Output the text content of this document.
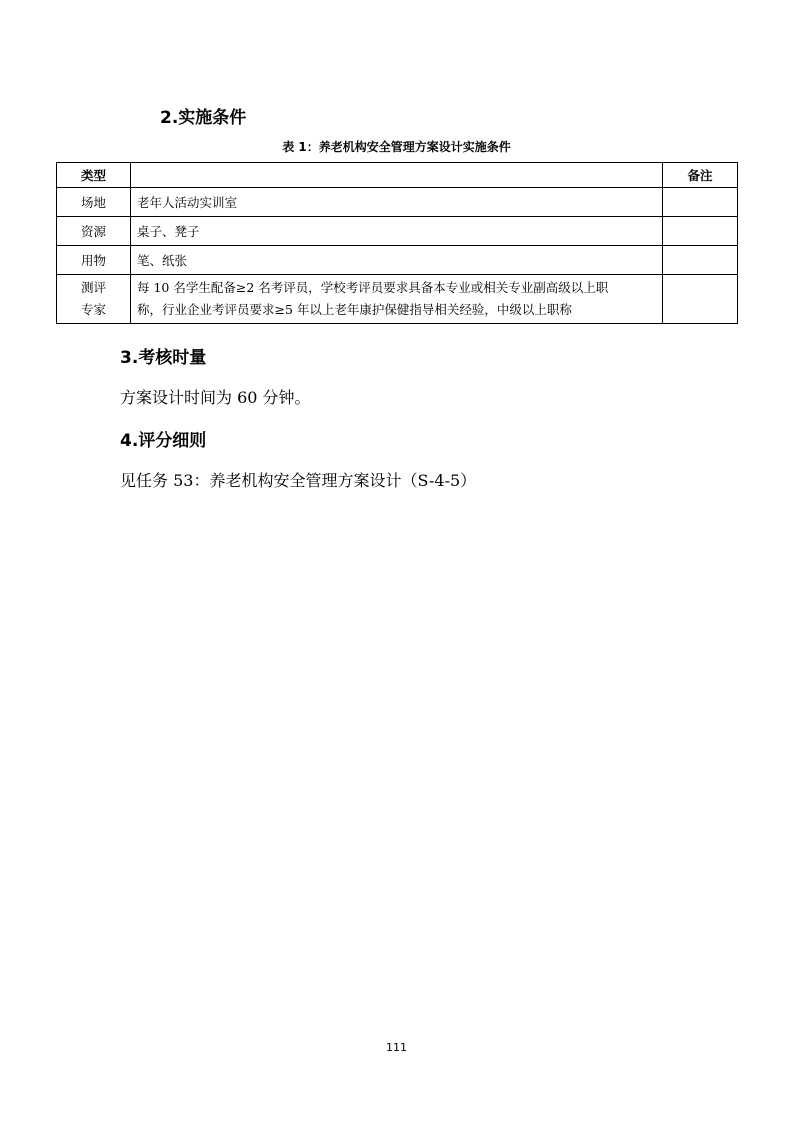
2.实施条件
表 1：养老机构安全管理方案设计实施条件
类型		备注
场地	老年人活动实训室	
资源	桌子、凳子	
用物	笔、纸张	

测评
专家	每 10 名学生配备≥2 名考评员，学校考评员要求具备本专业或相关专业副高级以上职
称，行业企业考评员要求≥5 年以上老年康护保健指导相关经验，中级以上职称	

3.考核时量
方案设计时间为 60 分钟。
4.评分细则
见任务 53：养老机构安全管理方案设计（S-4-5）
111
